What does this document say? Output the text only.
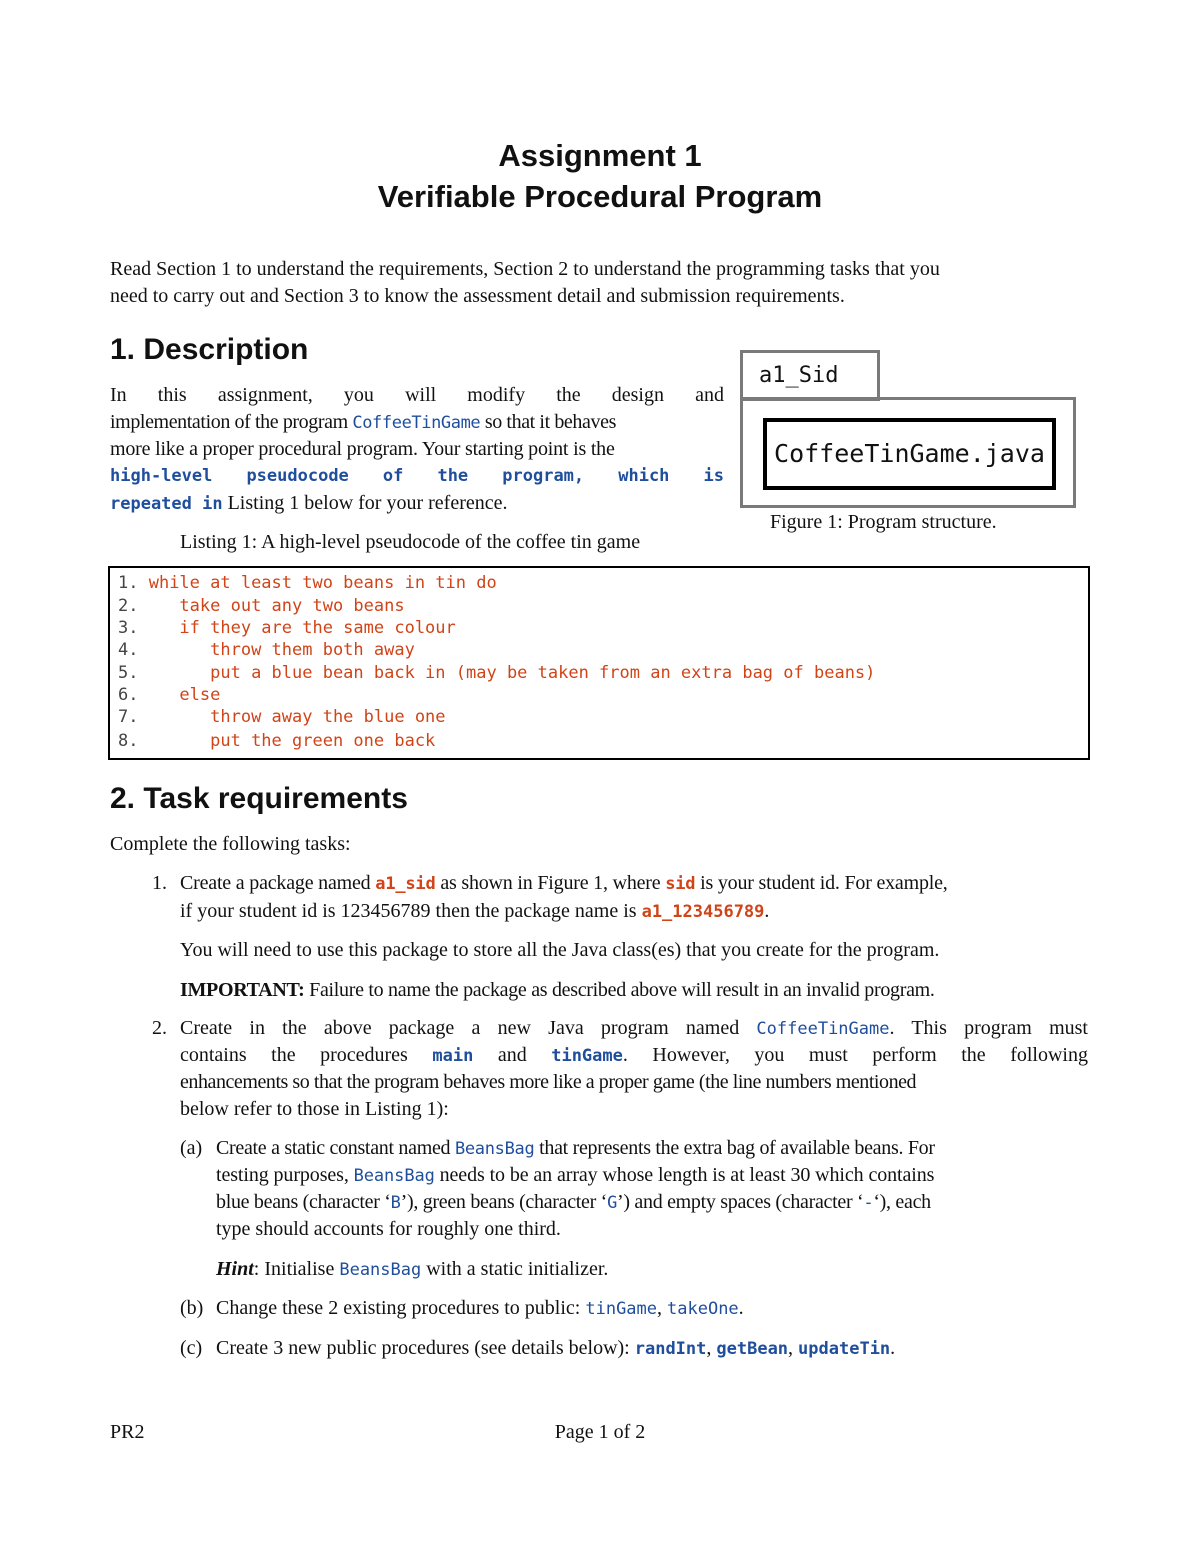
Assignment 1
Verifiable Procedural Program
Read Section 1 to understand the requirements, Section 2 to understand the programming tasks that you
need to carry out and Section 3 to know the assessment detail and submission requirements.
1. Description
In this assignment, you will modify the design and
implementation of the program CoffeeTinGame so that it behaves
more like a proper procedural program. Your starting point is the
high-level pseudocode of the program, which is
repeated in Listing 1 below for your reference.
Listing 1: A high-level pseudocode of the coffee tin game
a1_Sid
CoffeeTinGame.java
Figure 1: Program structure.
1. while at least two beans in tin do
2.    take out any two beans
3.    if they are the same colour
4.       throw them both away
5.       put a blue bean back in (may be taken from an extra bag of beans)
6.    else
7.       throw away the blue one
8.       put the green one back
2. Task requirements
Complete the following tasks:
1. Create a package named a1_sid as shown in Figure 1, where sid is your student id. For example,
if your student id is 123456789 then the package name is a1_123456789.
You will need to use this package to store all the Java class(es) that you create for the program.
IMPORTANT: Failure to name the package as described above will result in an invalid program.
2. Create in the above package a new Java program named CoffeeTinGame. This program must
contains the procedures main and tinGame. However, you must perform the following
enhancements so that the program behaves more like a proper game (the line numbers mentioned
below refer to those in Listing 1):
(a) Create a static constant named BeansBag that represents the extra bag of available beans. For
testing purposes, BeansBag needs to be an array whose length is at least 30 which contains
blue beans (character ‘B’), green beans (character ‘G’) and empty spaces (character ‘-‘), each
type should accounts for roughly one third.
Hint: Initialise BeansBag with a static initializer.
(b) Change these 2 existing procedures to public: tinGame, takeOne.
(c) Create 3 new public procedures (see details below): randInt, getBean, updateTin.
PR2	Page 1 of 2
